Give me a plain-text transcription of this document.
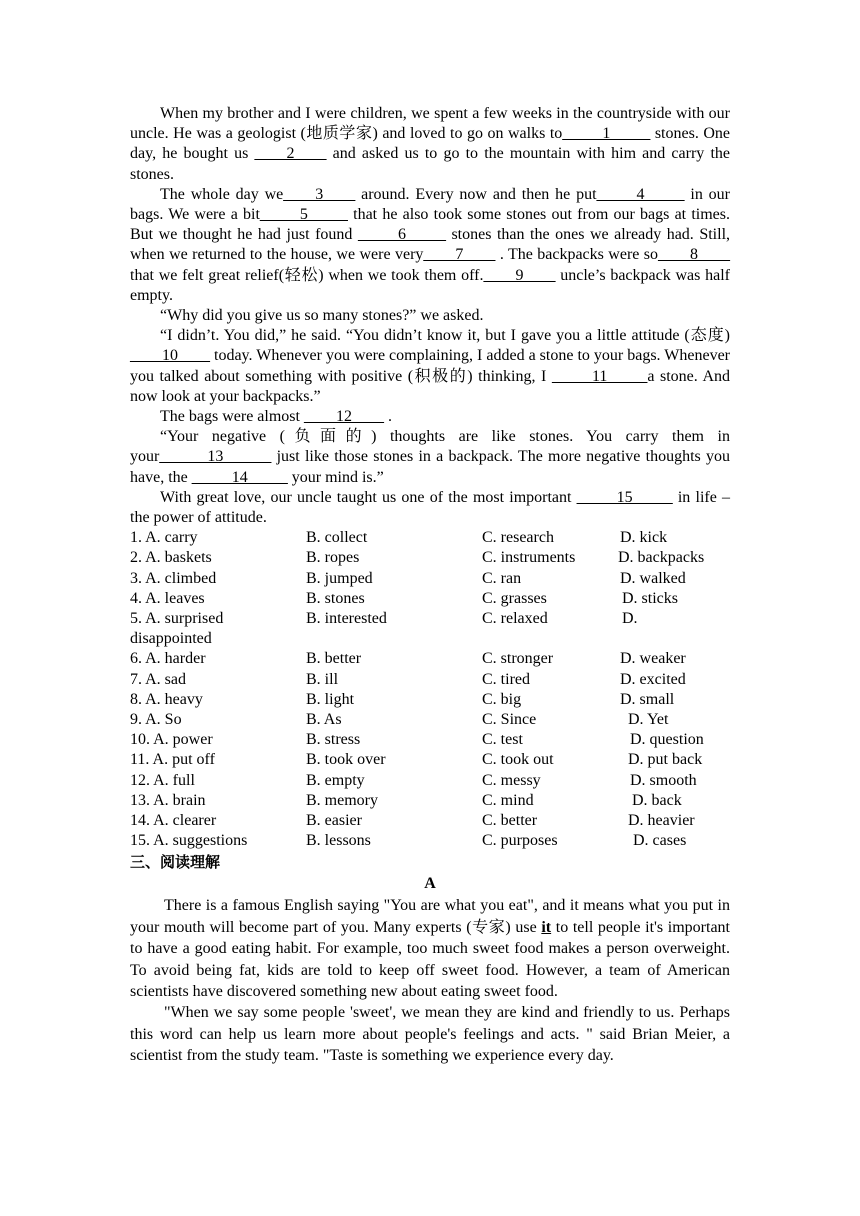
When my brother and I were children, we spent a few weeks in the countryside with our uncle. He was a geologist (地质学家) and loved to go on walks to_____1_____ stones. One day, he bought us ____2____ and asked us to go to the mountain with him and carry the stones.

The whole day we____3____ around. Every now and then he put_____4_____ in our bags. We were a bit_____5_____ that he also took some stones out from our bags at times. But we thought he had just found _____6_____ stones than the ones we already had. Still, when we returned to the house, we were very____7____ . The backpacks were so____8____ that we felt great relief(轻松) when we took them off.____9____ uncle’s backpack was half empty.

“Why did you give us so many stones?” we asked.

“I didn’t. You did,” he said. “You didn’t know it, but I gave you a little attitude (态度) ____10____ today. Whenever you were complaining, I added a stone to your bags. Whenever you talked about something with positive (积极的) thinking, I _____11_____a stone. And now look at your backpacks.”

The bags were almost ____12____ .

“Your negative (负面的) thoughts are like stones. You carry them in your______13______ just like those stones in a backpack. The more negative thoughts you have, the _____14_____ your mind is.”

With great love, our uncle taught us one of the most important _____15_____ in life – the power of attitude.

1. A. carry	B. collect	C. research	D. kick
2. A. baskets	B. ropes	C. instruments	D. backpacks
3. A. climbed	B. jumped	C. ran	D. walked
4. A. leaves	B. stones	C. grasses	D. sticks
5. A. surprised	B. interested	C. relaxed	D.
disappointed
6. A. harder	B. better	C. stronger	D. weaker
7. A. sad	B. ill	C. tired	D. excited
8. A. heavy	B. light	C. big	D. small
9. A. So	B. As	C. Since	D. Yet
10. A. power	B. stress	C. test	D. question
11. A. put off	B. took over	C. took out	D. put back
12. A. full	B. empty	C. messy	D. smooth
13. A. brain	B. memory	C. mind	D. back
14. A. clearer	B. easier	C. better	D. heavier
15. A. suggestions	B. lessons	C. purposes	D. cases
三、阅读理解
A

There is a famous English saying "You are what you eat", and it means what you put in your mouth will become part of you. Many experts (专家) use it to tell people it's important to have a good eating habit. For example, too much sweet food makes a person overweight. To avoid being fat, kids are told to keep off sweet food. However, a team of American scientists have discovered something new about eating sweet food.

"When we say some people 'sweet', we mean they are kind and friendly to us. Perhaps this word can help us learn more about people's feelings and acts. " said Brian Meier, a scientist from the study team. "Taste is something we experience every day.
